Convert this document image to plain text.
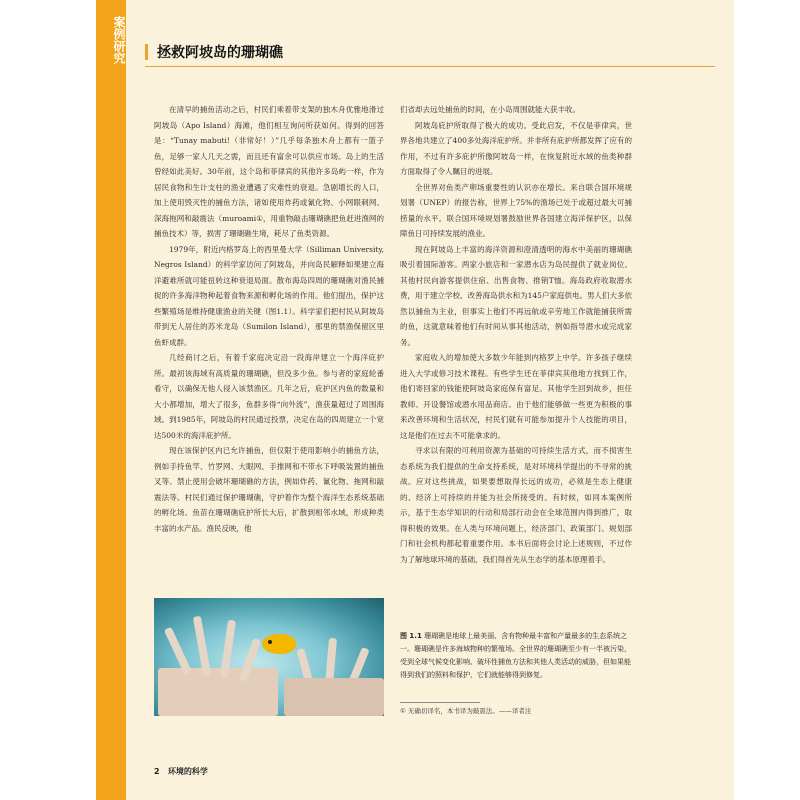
案例研究 拯救阿坡岛的珊瑚礁

在清早的捕鱼活动之后，村民们乘着带支架的独木舟优雅地滑过阿坡岛（Apo Island）海滩，他们相互询问所获如何。得到的回答是：“Tunay mabuti!（非常好！）”几乎每条独木舟上都有一篮子鱼，足够一家人几天之需，而且还有富余可以供应市场。岛上的生活曾经如此美好。30年前，这个岛和菲律宾的其他许多岛屿一样，作为居民食物和生计支柱的渔业遭遇了灾难性的衰退。急剧增长的人口，加上使用毁灭性的捕鱼方法，诸如使用炸药或氰化物、小网眼刺网、深海拖网和敲震法（muroami①，用重物敲击珊瑚礁把鱼赶进渔网的捕鱼技术）等，损害了珊瑚礁生境，耗尽了鱼类资源。

1979年，附近内格罗岛上的西里曼大学（Silliman University, Negros Island）的科学家访问了阿坡岛，并向岛民解释如果建立海洋避难所就可能扭转这种衰退局面。散布海岛四周的珊瑚礁对渔民捕捉的许多海洋物种起着食物来源和孵化场的作用。他们提出，保护这些繁殖场是维持健康渔业的关键（图1.1）。科学家们把村民从阿坡岛带到无人居住的苏米龙岛（Sumilon Island），那里的禁渔保留区里鱼虾成群。

几经商讨之后，有着千家庭决定沿一段海岸建立一个海洋庇护所。最初该海域有高质量的珊瑚礁，但没多少鱼。参与者的家庭轮番看守，以确保无他人侵入该禁渔区。几年之后，庇护区内鱼的数量和大小都增加，增大了很多，鱼群多得“向外流”，渔获量超过了周围海域。到1985年，阿坡岛的村民通过投票，决定在岛的四周建立一个宽达500米的海洋庇护所。

现在该保护区内已允许捕鱼，但仅限于使用影响小的捕鱼方法，例如手持鱼竿、竹罗网、大眼网、手推网和不带水下呼吸装置的捕鱼叉等。禁止使用会破坏珊瑚礁的方法，例如炸药、氰化物、拖网和敲震法等。村民们通过保护珊瑚礁，守护着作为整个海洋生态系统基础的孵化场。鱼苗在珊瑚礁庇护所长大后，扩散到相邻水域，形成种类丰富的水产品。渔民反映，他

们省却去远处捕鱼的时间，在小岛周围就能大获丰收。

阿坡岛庇护所取得了极大的成功。受此启发，不仅是菲律宾，世界各地共建立了400多处海洋庇护所。并非所有庇护所都发挥了应有的作用，不过有许多庇护所像阿坡岛一样，在恢复附近水域的鱼类种群方面取得了令人瞩目的进展。

全世界对鱼类产卵场重要性的认识亦在增长。来自联合国环境规划署（UNEP）的报告称，世界上75%的渔场已处于或超过最大可捕捞量的水平。联合国环境规划署鼓励世界各国建立海洋保护区，以保障鱼日可持续发展的渔业。

现在阿坡岛上丰富的海洋资源和澄清透明的海水中美丽的珊瑚礁吸引着国际游客。两家小旅店和一家潜水店为岛民提供了就业岗位。其他村民向游客提供住宿、出售食物、推销T恤。海岛政府收取潜水费，用于建立学校、改善海岛供水和为145户家庭供电。男人们大多依然以捕鱼为主业，但事实上他们不再远航或辛劳地工作就能捕获所需的鱼，这就意味着他们有时间从事其他活动，例如指导潜水或完成家务。

家庭收入的增加使大多数少年能到内格罗上中学。许多孩子继续进入大学或修习技术课程。有些学生还在菲律宾其他地方找到工作，他们寄回家的钱能使阿坡岛家庭保有富足。其他学生回到故乡，担任教师、开设餐馆或潜水用品商店。由于他们能够做一些更为积极的事来改善环境和生活状况，村民们就有可能参加提升个人技能的项目，这是他们在过去不可能拿求的。

寻求以有限的可利用资源为基础的可持续生活方式，而不损害生态系统为我们提供的生命支持系统，是对环境科学提出的不寻常的挑战。应对这些挑战，如果要想取得长远的成功，必须是生态上健康的、经济上可持续的并能为社会所接受的。有时候，如同本案例所示，基于生态学知识的行动和局部行动会在全球范围内得到推广，取得积极的效果。在人类与环境问题上，经济部门、政策部门、规划部门和社会机构都起着重要作用。本书后面将会讨论上述规则，不过作为了解地球环境的基础，我们得首先从生态学的基本原理着手。

图 1.1 珊瑚礁是地球上最美丽、含有物种最丰富和产量最多的生态系统之一。珊瑚礁是许多海域物种的繁殖场。全世界的珊瑚礁至少有一半被污染，受到全球气候变化影响、破坏性捕鱼方法和其他人类活动的威胁，但如果能得到我们的照料和保护，它们就能够得到修复。
① 无确切译名，本书译为敲震法。——译者注
2 环境的科学
